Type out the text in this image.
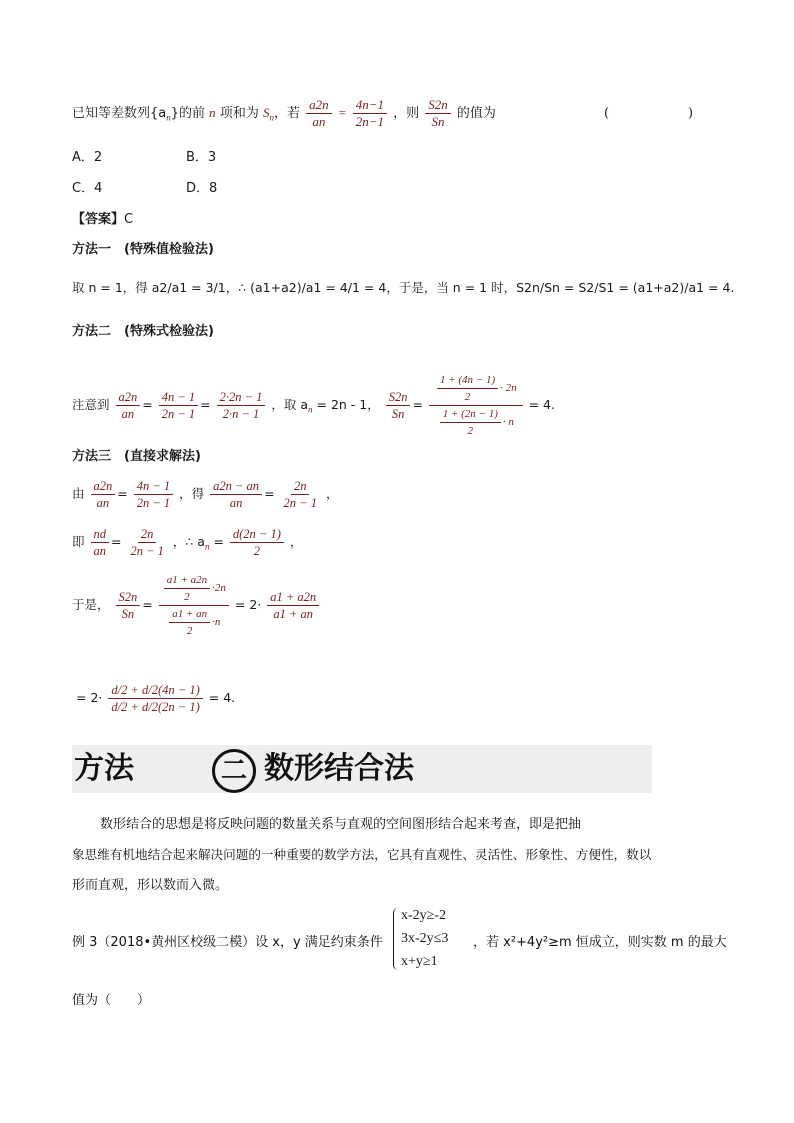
已知等差数列$\{a_n\}$的前 n 项和为 $S_n$，若 $\frac{a2n}{an} = \frac{4n-1}{2n-1}$ ，则 $\frac{S2n}{Sn}$ 的值为	(	)
A．2	B．3
C．4	D．8
【答案】C
方法一　(特殊值检验法)
取 n = 1，得 a2/a1 = 3/1，∴ (a1+a2)/a1 = 4/1 = 4，于是，当 n = 1 时，S2n/Sn = S2/S1 = (a1+a2)/a1 = 4.
方法二　(特殊式检验法)
注意到 $\frac{a2n}{an} = \frac{4n - 1}{2n - 1} = \frac{2\cdot 2n - 1}{2\cdot n - 1}$ ，取 $a_n = 2n - 1$， $\frac{S2n}{Sn} = \frac{\frac{1 + (4n - 1)}{2} \cdot 2n}{\frac{1 + (2n - 1)}{2} \cdot n} = 4$.
方法三　(直接求解法)
由 $\frac{a2n}{an} = \frac{4n - 1}{2n - 1}$ ，得 $\frac{a2n - an}{an} = \frac{2n}{2n - 1}$ ，
即 $\frac{nd}{an} = \frac{2n}{2n - 1}$ ，∴ $a_n = \frac{d(2n - 1)}{2}$ ，
于是， $\frac{S2n}{Sn} = \frac{\frac{a1 + a2n}{2} \cdot 2n}{\frac{a1 + an}{2} \cdot n} = 2\cdot \frac{a1 + a2n}{a1 + an}$
= $2\cdot \frac{d/2 + d/2(4n - 1)}{d/2 + d/2(2n - 1)} = 4$.
方法	二 数形结合法
数形结合的思想是将反映问题的数量关系与直观的空间图形结合起来考查，即是把抽
象思维有机地结合起来解决问题的一种重要的数学方法，它具有直观性、灵活性、形象性、方便性，数以
形而直观，形以数而入微。
例 3（2018•黄州区校级二模）设 x，y 满足约束条件
x-2y≥-2
3x-2y≤3
x+y≥1
，若 x²+4y²≥m 恒成立，则实数 m 的最大
值为（　　）
